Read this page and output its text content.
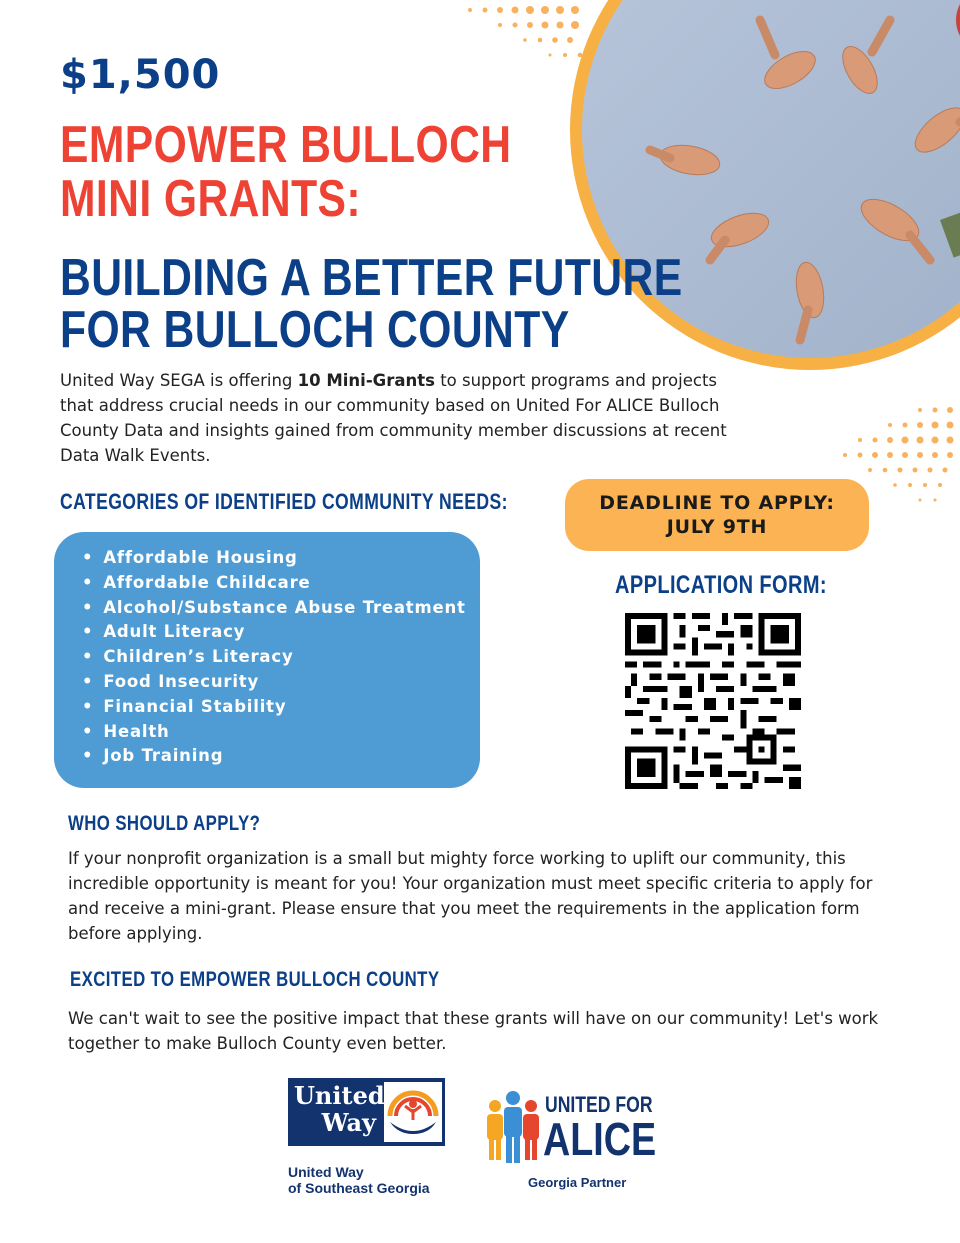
$1,500
EMPOWER BULLOCH
MINI GRANTS:
BUILDING A BETTER FUTURE
FOR BULLOCH COUNTY

United Way SEGA is offering 10 Mini-Grants to support programs and projects that address crucial needs in our community based on United For ALICE Bulloch County Data and insights gained from community member discussions at recent Data Walk Events.

CATEGORIES OF IDENTIFIED COMMUNITY NEEDS:
• Affordable Housing
• Affordable Childcare
• Alcohol/Substance Abuse Treatment
• Adult Literacy
• Children’s Literacy
• Food Insecurity
• Financial Stability
• Health
• Job Training
DEADLINE TO APPLY:
JULY 9TH
APPLICATION FORM:
WHO SHOULD APPLY?

If your nonprofit organization is a small but mighty force working to uplift our community, this incredible opportunity is meant for you! Your organization must meet specific criteria to apply for and receive a mini-grant. Please ensure that you meet the requirements in the application form before applying.

EXCITED TO EMPOWER BULLOCH COUNTY

We can't wait to see the positive impact that these grants will have on our community! Let's work together to make Bulloch County even better.

United
Way
United Way
of Southeast Georgia
UNITED FOR
ALICE
Georgia Partner
